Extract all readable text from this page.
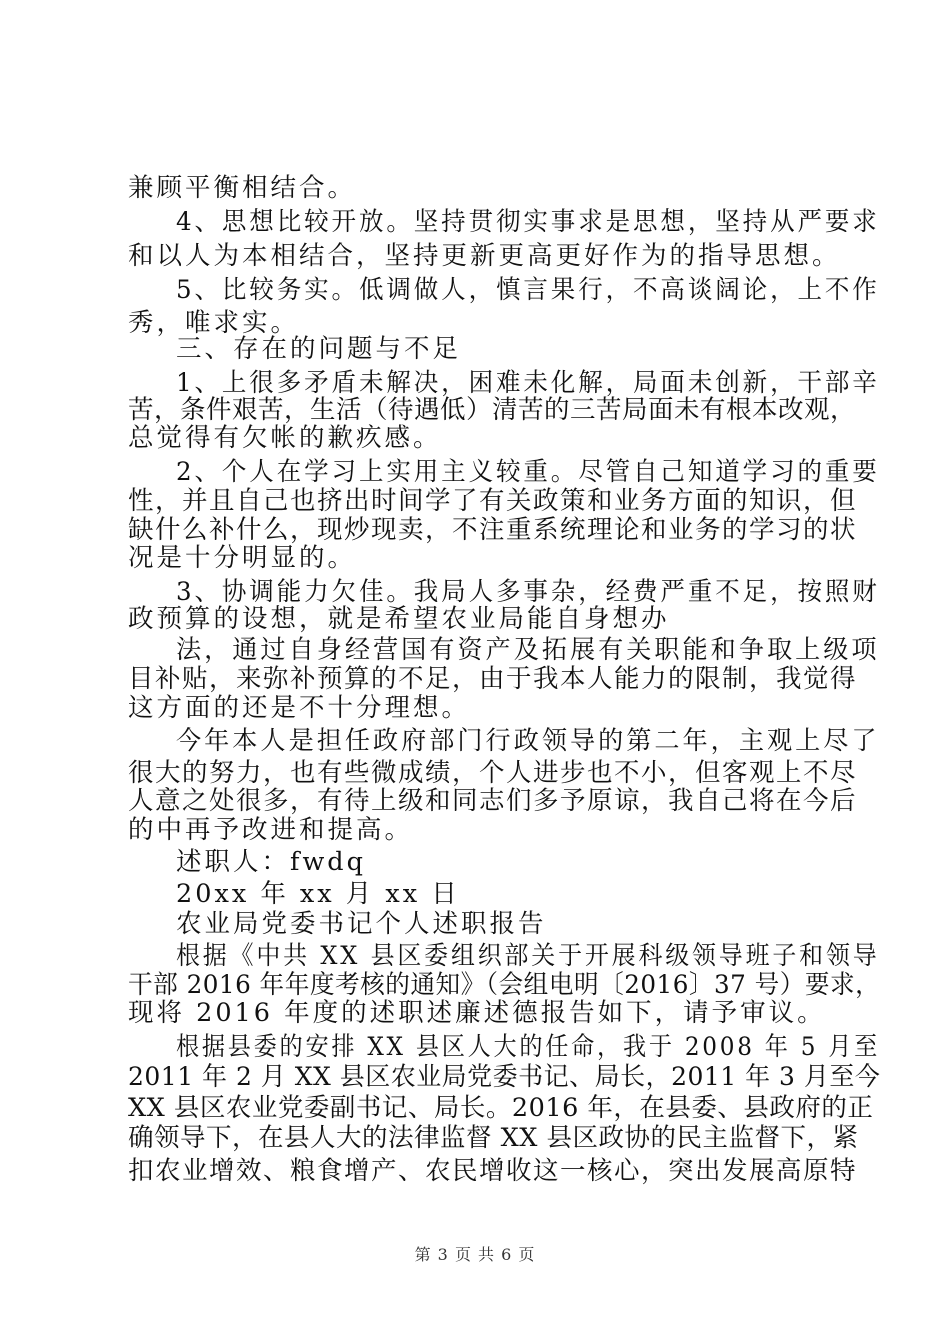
兼顾平衡相结合。
4、思想比较开放。坚持贯彻实事求是思想，坚持从严要求
和以人为本相结合，坚持更新更高更好作为的指导思想。
5、比较务实。低调做人，慎言果行，不高谈阔论，上不作
秀，唯求实。
三、存在的问题与不足
1、上很多矛盾未解决，困难未化解，局面未创新，干部辛
苦，条件艰苦，生活（待遇低）清苦的三苦局面未有根本改观，
总觉得有欠帐的歉疚感。
2、个人在学习上实用主义较重。尽管自己知道学习的重要
性，并且自己也挤出时间学了有关政策和业务方面的知识，但
缺什么补什么，现炒现卖，不注重系统理论和业务的学习的状
况是十分明显的。
3、协调能力欠佳。我局人多事杂，经费严重不足，按照财
政预算的设想，就是希望农业局能自身想办
法，通过自身经营国有资产及拓展有关职能和争取上级项
目补贴，来弥补预算的不足，由于我本人能力的限制，我觉得
这方面的还是不十分理想。
今年本人是担任政府部门行政领导的第二年，主观上尽了
很大的努力，也有些微成绩，个人进步也不小，但客观上不尽
人意之处很多，有待上级和同志们多予原谅，我自己将在今后
的中再予改进和提高。
述职人：fwdq
20xx 年 xx 月 xx 日
农业局党委书记个人述职报告
根据《中共 XX 县区委组织部关于开展科级领导班子和领导
干部 2016 年年度考核的通知》（会组电明〔2016〕37 号）要求，
现将 2016 年度的述职述廉述德报告如下，请予审议。
根据县委的安排 XX 县区人大的任命，我于 2008 年 5 月至
2011 年 2 月 XX 县区农业局党委书记、局长，2011 年 3 月至今
XX 县区农业党委副书记、局长。2016 年，在县委、县政府的正
确领导下，在县人大的法律监督 XX 县区政协的民主监督下，紧
扣农业增效、粮食增产、农民增收这一核心，突出发展高原特
第 3 页 共 6 页
